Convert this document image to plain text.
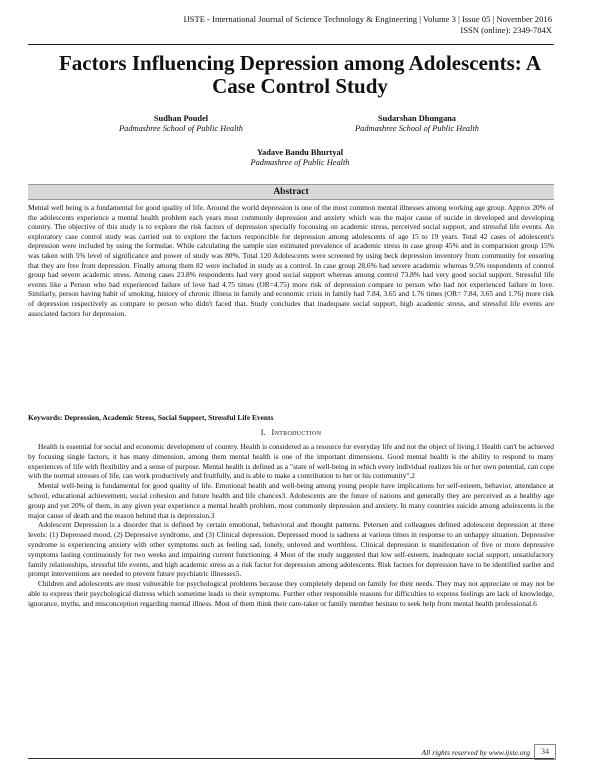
IJSTE - International Journal of Science Technology & Engineering | Volume 3 | Issue 05 | November 2016
ISSN (online): 2349-784X
Factors Influencing Depression among Adolescents: A Case Control Study
Sudhan Poudel
Padmashree School of Public Health
Sudarshan Dhungana
Padmashree School of Public Health
Yadave Bandu Bhurtyal
Padmashree of Public Health
Abstract
Mental well being is a fundamental for good quality of life. Around the world depression is one of the most common mental illnesses among working age group. Approx 20% of the adolescents experience a mental health problem each years most commonly depression and anxiety which was the major cause of sucide in developed and developing country. The objective of this study is to explore the risk factors of depression specially focousing on academic stress, perceived social support, and stressful life events. An exploratory case control study was carried out to explore the factors responcible for depression among adolescents of age 15 to 19 years. Total 42 cases of adolescent's depression were included by using the formulae. While calculating the sample size estimated prevalence of academic stress in case group 45% and in comparision group 15% was taken with 5% level of significance and power of study was 80%. Total 120 Adolescents were screened by using beck depression inventory from community for ensuring that they are free from depression. Finally among them 82 were included in study as a control. In case group 28.6% had severe academic whereas 9.5% respondents of control group had severe academic stress. Among cases 23.8% respondents had very good social support whereas among control 73.8% had very good social support. Stressful life events like a Person who had experienced failure of love had 4.75 times (OR=4.75) more risk of depression compare to person who had not experienced failure in love. Similarly, person having habit of smoking, history of chronic illness in family and economic crisis in family had 7.84, 3.65 and 1.76 times (OR= 7.84, 3.65 and 1.76) more risk of depression respectively as compare to person who didn't faced that. Study concludes that inadequate social support, high academic stress, and stressful life events are associated factors for depression.
Keywords: Depression, Academic Stress, Social Support, Stressful Life Events
I. Introduction

Health is essential for social and economic development of country. Health is considered as a resource for everyday life and not the object of living.1 Health can't be achieved by focusing single factors, it has many dimension, among them mental health is one of the important dimensions. Good mental health is the ability to respond to many experiences of life with flexibility and a sense of purpose. Mental health is defined as a "state of well-being in which every individual realizes his or her own potential, can cope with the normal stresses of life, can work productively and fruitfully, and is able to make a contribution to her or his community".2

Mental well-being is fundamental for good quality of life. Emotional health and well-being among young people have implications for self-esteem, behavior, attendance at school, educational achievement, social cohesion and future health and life chances3. Adolescents are the future of nations and generally they are perceived as a healthy age group and yet 20% of them, in any given year experience a mental health problem, most commonly depression and anxiety. In many countries suicide among adolescents is the major cause of death and the reason behind that is depression.3

Adolescent Depression is a disorder that is defined by certain emotional, behavioral and thought patterns. Petersen and colleagues defined adolescent depression at three levels: (1) Depressed mood, (2) Depressive syndrome, and (3) Clinical depression. Depressed mood is sadness at various times in response to an unhappy situation. Depressive syndrome is experiencing anxiety with other symptoms such as feeling sad, lonely, unloved and worthless. Clinical depression is manifestation of five or more depressive symptoms lasting continuously for two weeks and impairing current functioning. 4 Most of the study suggested that low self-esteem, inadequate social support, unsatisfactory family relationships, stressful life events, and high academic stress as a risk factor for depression among adolescents. Risk factors for depression have to be identified earlier and prompt interventions are needed to prevent future psychiatric illnesses5.

Children and adolescents are most vulnerable for psychological problems because they completely depend on family for their needs. They may not appreciate or may not be able to express their psychological distress which sometime leads to their symptoms. Further other responsible reasons for difficulties to express feelings are lack of knowledge, ignorance, myths, and misconception regarding mental illness. Most of them think their care-taker or family member hesitate to seek help from mental health professional.6

All rights reserved by www.ijste.org	34
